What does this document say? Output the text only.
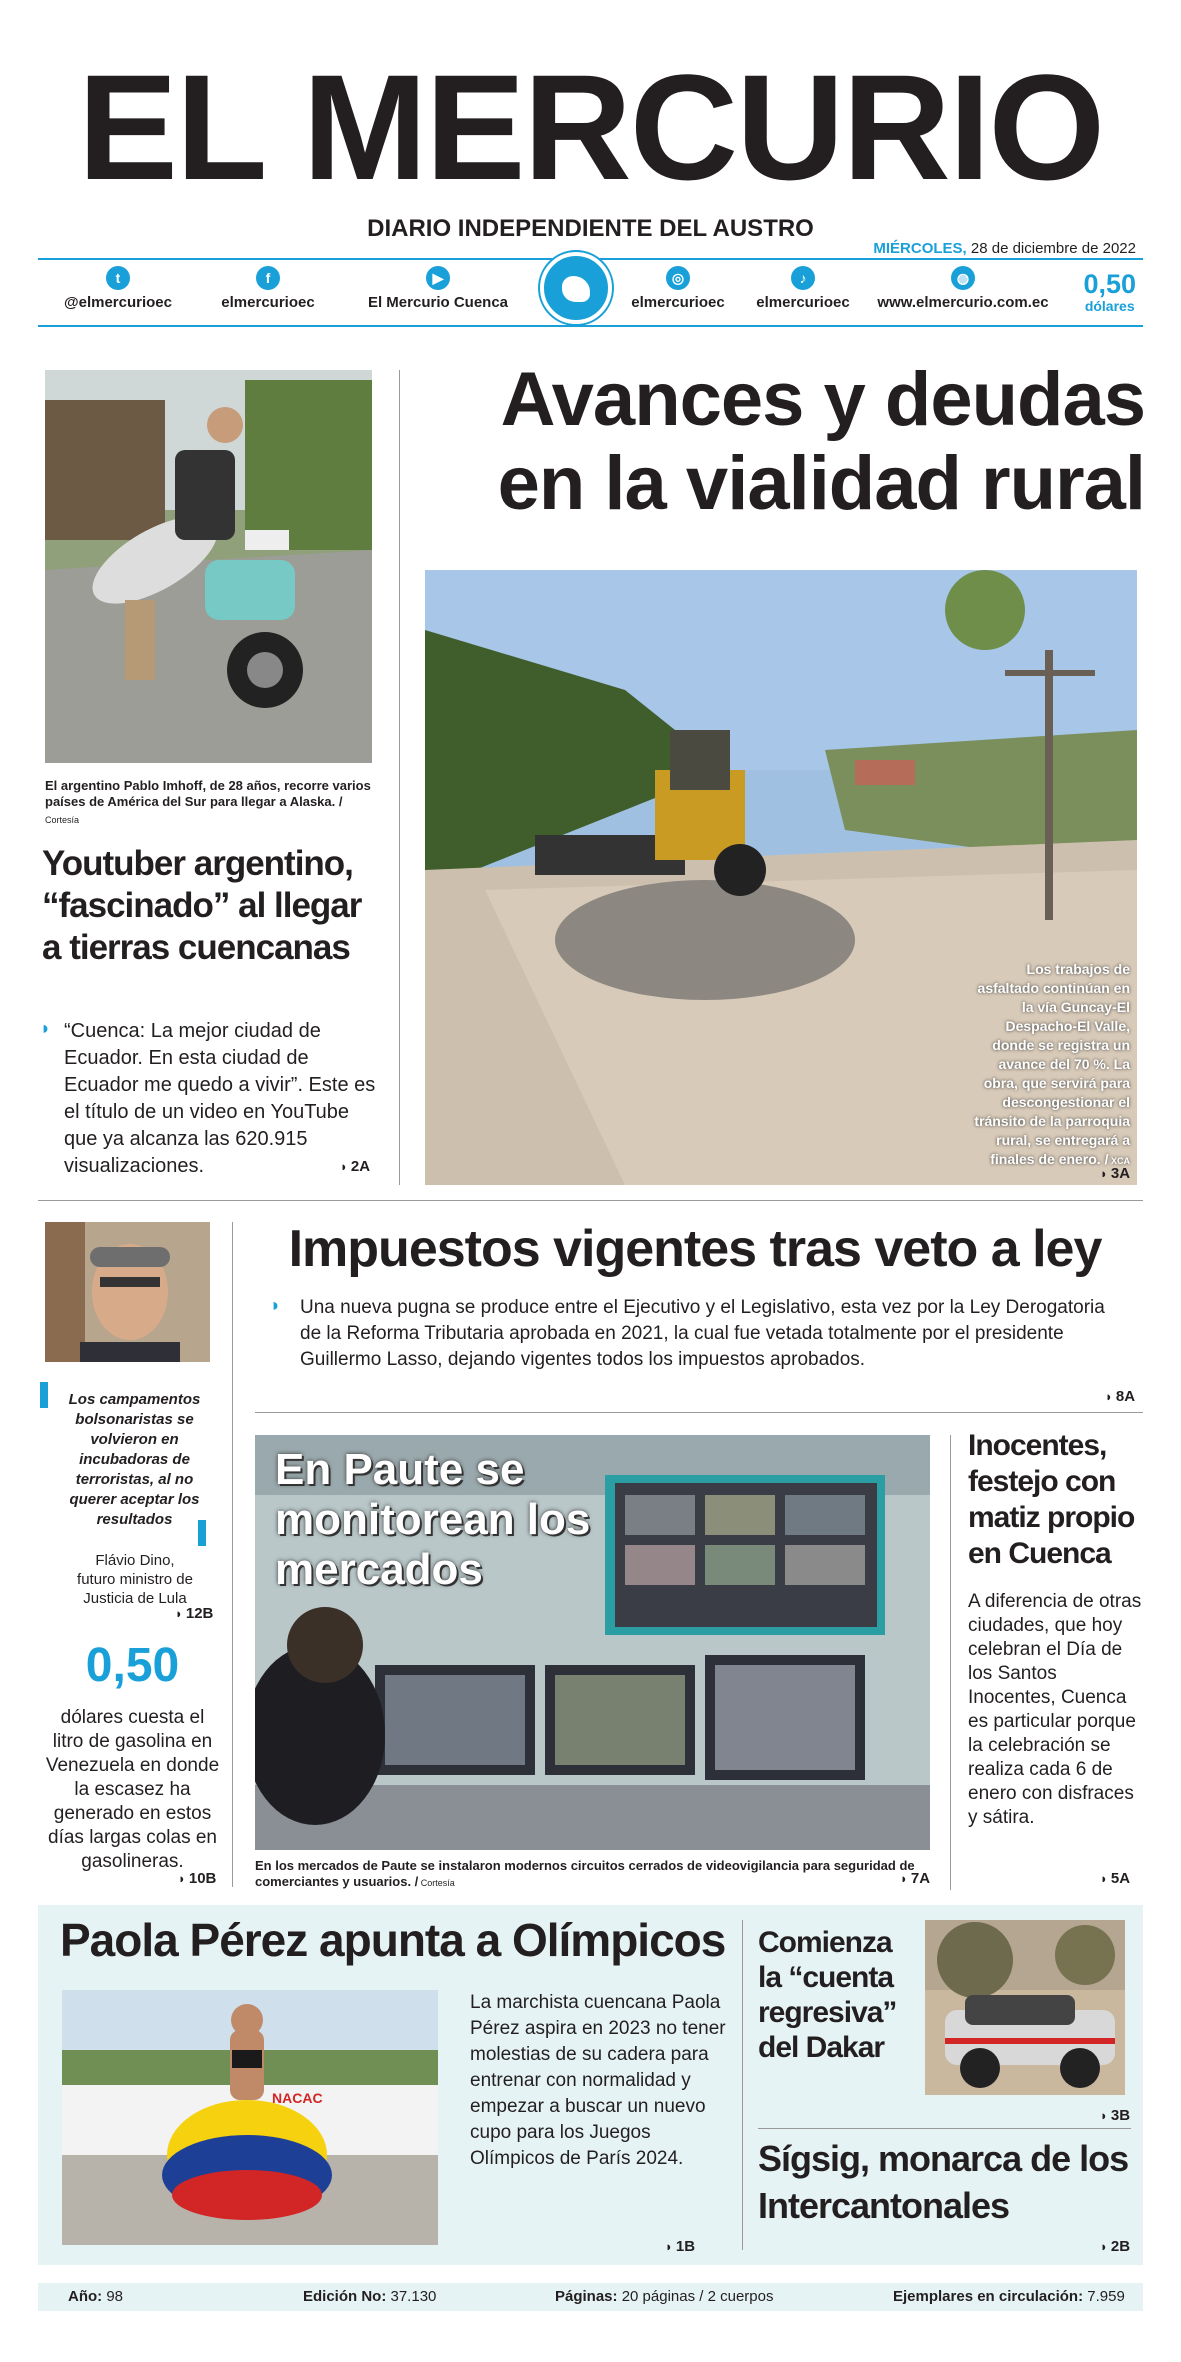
EL MERCURIO
DIARIO INDEPENDIENTE DEL AUSTRO
MIÉRCOLES, 28 de diciembre de 2022
t
@elmercurioec
f
elmercurioec
▶
El Mercurio Cuenca
◎
elmercurioec
♪
elmercurioec
◍
www.elmercurio.com.ec
0,50
dólares
El argentino Pablo Imhoff, de 28 años, recorre varios países de América del Sur para llegar a Alaska. / Cortesía
Youtuber argentino, “fascinado” al llegar a tierras cuencanas
◗
“Cuenca: La mejor ciudad de Ecuador. En esta ciudad de Ecuador me quedo a vivir”. Este es el título de un video en YouTube que ya alcanza las 620.915 visualizaciones.	◗ 2A
Avances y deudas
en la vialidad rural
Los trabajos de asfaltado continúan en la vía Guncay-El Despacho-El Valle, donde se registra un avance del 70 %. La obra, que servirá para descongestionar el tránsito de la parroquia rural, se entregará a finales de enero. / XCA
◗ 3A
Los campamentos bolsonaristas se volvieron en incubadoras de terroristas, al no querer aceptar los resultados
Flávio Dino,
futuro ministro de Justicia de Lula
◗ 12B
0,50
dólares cuesta el litro de gasolina en Venezuela en donde la escasez ha generado en estos días largas colas en gasolineras.
◗ 10B
Impuestos vigentes tras veto a ley
◗
Una nueva pugna se produce entre el Ejecutivo y el Legislativo, esta vez por la Ley Derogatoria de la Reforma Tributaria aprobada en 2021, la cual fue vetada totalmente por el presidente Guillermo Lasso, dejando vigentes todos los impuestos aprobados.
◗ 8A
En Paute se monitorean los mercados
En los mercados de Paute se instalaron modernos circuitos cerrados de videovigilancia para seguridad de comerciantes y usuarios. / Cortesía	◗ 7A
Inocentes, festejo con matiz propio en Cuenca
A diferencia de otras ciudades, que hoy celebran el Día de los Santos Inocentes, Cuenca es particular porque la celebración se realiza cada 6 de enero con disfraces y sátira.
◗ 5A
Paola Pérez apunta a Olímpicos
NACAC
La marchista cuencana Paola Pérez aspira en 2023 no tener molestias de su cadera para entrenar con normalidad y empezar a buscar un nuevo cupo para los Juegos Olímpicos de París 2024.
◗ 1B
Comienza la “cuenta regresiva” del Dakar
◗ 3B
Sígsig, monarca de los Intercantonales
◗ 2B
Año: 98	Edición No: 37.130	Páginas: 20 páginas / 2 cuerpos	Ejemplares en circulación: 7.959
